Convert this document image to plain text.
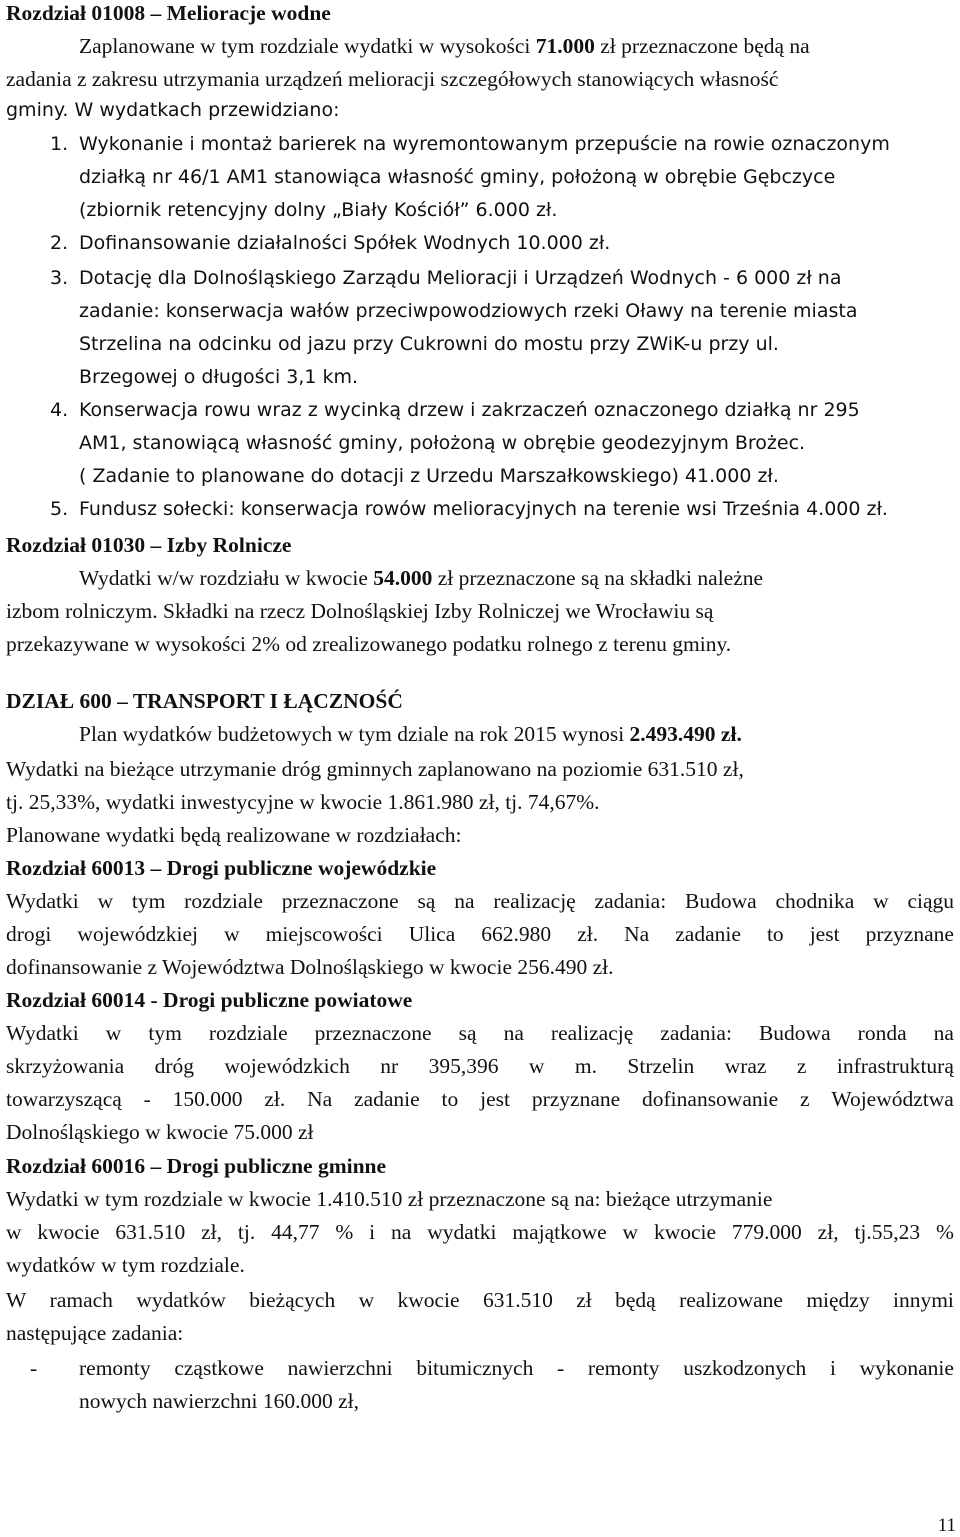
Rozdział 01008 – Melioracje wodne
Zaplanowane w tym rozdziale wydatki w wysokości 71.000 zł przeznaczone będą na
zadania z zakresu utrzymania urządzeń melioracji szczegółowych stanowiących własność
gminy. W wydatkach przewidziano:
1. Wykonanie i montaż barierek na wyremontowanym przepuście na rowie oznaczonym
działką nr 46/1 AM1 stanowiąca własność gminy, położoną w obrębie Gębczyce
(zbiornik retencyjny dolny „Biały Kościół” 6.000 zł.
2. Dofinansowanie działalności Spółek Wodnych 10.000 zł.
3. Dotację dla Dolnośląskiego Zarządu Melioracji i Urządzeń Wodnych - 6 000 zł na
zadanie: konserwacja wałów przeciwpowodziowych rzeki Oławy na terenie miasta
Strzelina na odcinku od jazu przy Cukrowni do mostu przy ZWiK-u przy ul.
Brzegowej o długości 3,1 km.
4. Konserwacja rowu wraz z wycinką drzew i zakrzaczeń oznaczonego działką nr 295
AM1, stanowiącą własność gminy, położoną w obrębie geodezyjnym Brożec.
( Zadanie to planowane do dotacji z Urzedu Marszałkowskiego) 41.000 zł.
5. Fundusz sołecki: konserwacja rowów melioracyjnych na terenie wsi Trześnia 4.000 zł.
Rozdział 01030 – Izby Rolnicze
Wydatki w/w rozdziału w kwocie 54.000 zł przeznaczone są na składki należne
izbom rolniczym. Składki na rzecz Dolnośląskiej Izby Rolniczej we Wrocławiu są
przekazywane w wysokości 2% od zrealizowanego podatku rolnego z terenu gminy.
DZIAŁ 600 – TRANSPORT I ŁĄCZNOŚĆ
Plan wydatków budżetowych w tym dziale na rok 2015 wynosi 2.493.490 zł.
Wydatki na bieżące utrzymanie dróg gminnych zaplanowano na poziomie 631.510 zł,
tj. 25,33%, wydatki inwestycyjne w kwocie 1.861.980 zł, tj. 74,67%.
Planowane wydatki będą realizowane w rozdziałach:
Rozdział 60013 – Drogi publiczne wojewódzkie
Wydatki w tym rozdziale przeznaczone są na realizację zadania: Budowa chodnika w ciągu
drogi wojewódzkiej w miejscowości Ulica 662.980 zł. Na zadanie to jest przyznane
dofinansowanie z Województwa Dolnośląskiego w kwocie 256.490 zł.
Rozdział 60014 - Drogi publiczne powiatowe
Wydatki w tym rozdziale przeznaczone są na realizację zadania: Budowa ronda na
skrzyżowania dróg wojewódzkich nr 395,396 w m. Strzelin wraz z infrastrukturą
towarzyszącą - 150.000 zł. Na zadanie to jest przyznane dofinansowanie z Województwa
Dolnośląskiego w kwocie 75.000 zł
Rozdział 60016 – Drogi publiczne gminne
Wydatki w tym rozdziale w kwocie 1.410.510 zł przeznaczone są na: bieżące utrzymanie
w kwocie 631.510 zł, tj. 44,77 % i na wydatki majątkowe w kwocie 779.000 zł, tj.55,23 %
wydatków w tym rozdziale.
W ramach wydatków bieżących w kwocie 631.510 zł będą realizowane między innymi
następujące zadania:
- remonty cząstkowe nawierzchni bitumicznych - remonty uszkodzonych i wykonanie
nowych nawierzchni 160.000 zł,
11
